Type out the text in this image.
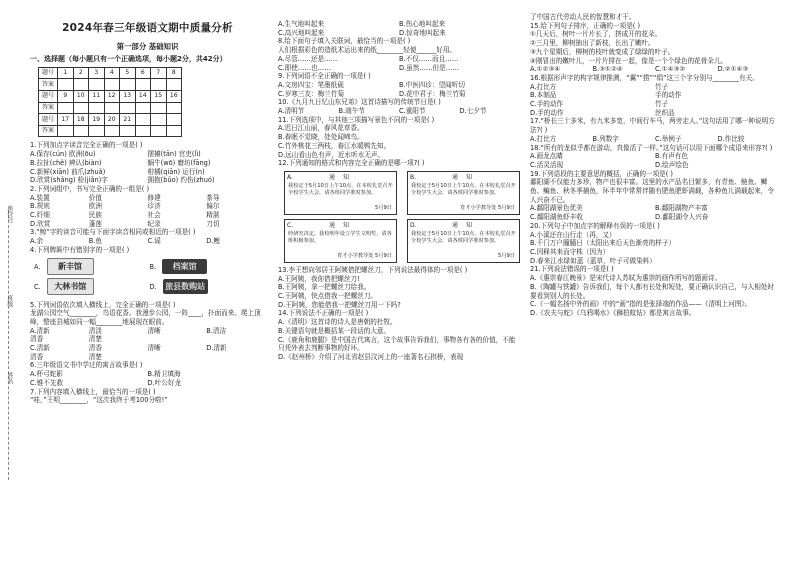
座位号
班级
姓名
2024年春三年级语文期中质量分析
第一部分 基础知识
一、选择题（每小题只有一个正确选项，每小题2分，共42分）
题号	1	2	3	4	5	6	7	8
答案								
题号	9	10	11	12	13	14	15	16
答案								
题号	17	18	19	20	21			
答案								
1.下列加点字读音完全正确的一项是( )
A.保存(cún) 欧洲(ōu)	摆摊(tān) 官吏(lì)
B.拉扯(chě) 辨认(biàn)	蜗牛(wō) 磨坊(fāng)
C.新鲜(xiān) 前爪(zhuǎ)	柑橘(qiān) 运行(n)
D.欣赏(shǎng) 检(jiǎn)字	拥抱(bǔo) 灼伤(zhuó)
2.下列词组中，书写完全正确的一组是( )
A.装置	价值	修建	茶导
B.规则	欧洲	诊济	偏尔
C.纤细	民族	社会	精湛
D.欣赏	蓬莲	纪录	刀切
3.“鲸”字的读音可能与下面字读音相同或相近的一项是( )
A.余	B.鱼	C.谣	D.鲤
4.下列牌匾中有错别字的一项是( )
A. 新丰馆	B. 档案馆C. 大林书馆	D. 旅县数购站
5.下列词语依次填入横线上，完全正确的一项是( )
龙湖公园空气________，鸟语花香。我漫步公园，一阵____，扑面而来。爬上顶峰，整座县城如同一幅________地展现在眼前。
A.清新	清淡	清晰	B.清洁
清香	清楚
C.清新	清香	清晰	D.清新
清香	清楚
6.三年级语文书中学过的寓言故事是( )
A.杯弓蛇影	B.精卫填海
C.锥不先救	D.叶公好龙
7.下列内容填入横线上，最恰当的一项是( )
“哇，”王明________，“这次我终于考100分啦!”
A.生气地叫起来	B.伤心地叫起来
C.高兴地叫起来	D.惊奇地叫起来
8.给下面句子填入关联词，最恰当的一项是( )
人们根据彩色的造纸术运出来的纸________轻便______好用。
A.尽管……还是……	B.不仅……而且……
C.即使……也……	D.虽然……但是……
9.下列词语不全正确的一项是( )
A.文房四宝：笔墨纸砚	B.中医四诊：望闻听切
C.岁寒三友：梅兰竹菊	D.花中君子：梅兰竹菊
10.《九月九日忆山东兄弟》这首诗描写的传统节日是( )
A.清明节	B.端午节	C.重阳节	D.七夕节
11.下列选项中，与其他三项描写景色不同的一项是( )
A.迟日江山丽，春风花草香。
B.春眠不觉晓，处处闻啼鸟。
C.竹外桃花三两枝，春江水暖鸭先知。
D.远山看山色有声，近水听水无声。
12.下列通知的格式和内容完全正确的是哪一项?( )
A.	通 知
我校定于5月10日上午10点，在本校礼堂召开全校学生大会，请各班同学准时参加。
5月9日
B.	通 知
我校定于5月10日上午10点，在本校礼堂召开全校学生大会，请各班同学准时参加。
育才小学教导处 5月9日
C.	通 知
经研究决定，我校明年设立学生文明奖，请各班积极参加。
育才小学教导处 5月9日
D.	通 知
我校定于5月10日上午10点，在本校礼堂召开全校学生大会，请各班同学准时参加。
5月9日
13.李王想向邻居王阿姨借把螺丝刀，下列说法最得体的一项是( )
A.王阿姨，我你借把螺丝刀!
B.王阿姨，拿一把螺丝刀给我。
C.王阿姨，快点借我一把螺丝刀。
D.王阿姨，您能借我一把螺丝刀用一下吗?
14.下列说法不正确的一项是( )
A.《清明》这首诗的诗人是唐朝的杜牧。
B.关键语句就是概括某一段话的大意。
C.《鹿角和鹿腿》是中国古代寓言，这个故事告诉我们，事物各有各的价值，不能只凭外表去判断事物的好坏。
D.《赵州桥》介绍了河北省赵县汶河上的一座著名石拱桥，表现
了中国古代劳动人民的智慧和才干。
15.给下列句子排序，正确的一项是( )
①几天后，树叶一片片长了，挤成开的花朵。
②三月里，柳树抽出了新枝，长出了嫩叶。
③九个星期后，柳树的枝叶就变成了绿绿的叶子。
④刚冒出的嫩叶儿，一片片排在一起，像是一个个绿色的花骨朵儿。
A.①②③④	B.③①②④	C.①④③②	D.②①④③
16.根据形声字的构字规律推测，“翼”“捞”“绢”这三个字分别与________有关。
A.打比方	竹子
B.本制品	手的动作
C.手的动作	竹子
D.手的动作	丝织品
17.“桥长三十多米，有九米多宽，中间行车马，两旁走人。”这句话用了哪一种说明方法?( )
A.打比方	B.列数字	C.举例子	D.作比较
18.“所有的龙似乎都在游动，真像活了一样。”这句话可以用下面哪个成语来形容?( )
A.画龙点睛	B.有声有色
C.活灵活现	D.绘声绘色
19.下列语段的主要意思的概括，正确的一项是( )
鄱阳湖不仅能力多珍，物产也很丰富。这里的水产品名目繁多，有青鱼、鲢鱼、鲫鱼、鳊鱼、秋冬季捕鱼，环半年中常常伴随有肥鱼肥虾满载，各种鱼儿满载起来，令人兴奋不已。
A.鄱阳湖景色优美	B.鄱阳湖物产丰富
C.鄱阳湖鱼虾丰收	D.鄱阳湖令人兴奋
20.下列句子中加点字的解释有误的一项是( )
A.小溪还在山行走（再，又）
B.千门万户朣朣日（太阳出来后天色渐亮的样子）
C.因释其耒而守株（因为）
D.春来江水绿如蓝（蓝草，叶子可做染料）
21.下列说法错误的一项是( )
A.《惠崇春江晚景》是宋代诗人苏轼为惠崇的画作所写的题画诗。
B.《陶罐与铁罐》告诉我们，每个人都有长处和短处，要正确认识自己，与人相处时要看到别人的长处。
C.《一幅名扬中外的画》中的“画”指的是张择端的作品——《清明上河图》。
D.《农夫与蛇》《乌鸦喝水》《狮拍蚊钻》都是寓言故事。
